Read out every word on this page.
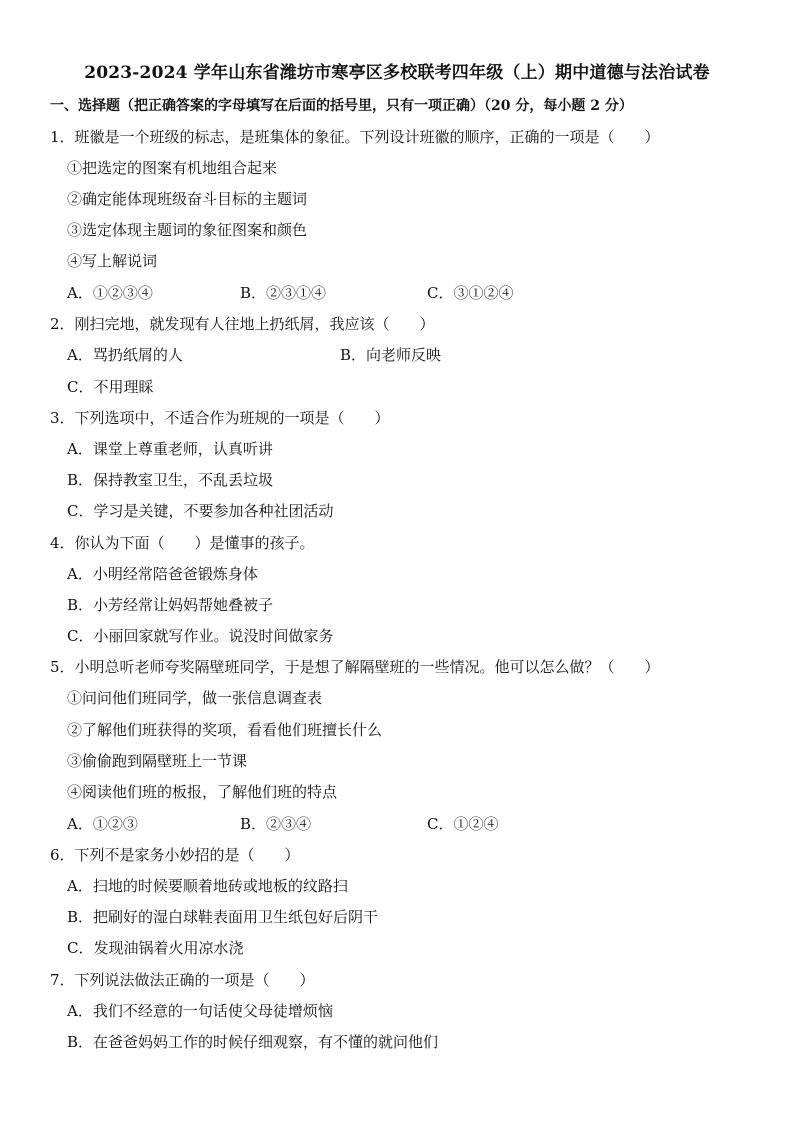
2023-2024 学年山东省潍坊市寒亭区多校联考四年级（上）期中道德与法治试卷
一、选择题（把正确答案的字母填写在后面的括号里，只有一项正确）（20 分，每小题 2 分）
1．班徽是一个班级的标志，是班集体的象征。下列设计班徽的顺序，正确的一项是（　　）
①把选定的图案有机地组合起来
②确定能体现班级奋斗目标的主题词
③选定体现主题词的象征图案和颜色
④写上解说词
A．①②③④	B．②③①④	C．③①②④
2．刚扫完地，就发现有人往地上扔纸屑，我应该（　　）
A．骂扔纸屑的人	B．向老师反映
C．不用理睬
3．下列选项中，不适合作为班规的一项是（　　）
A．课堂上尊重老师，认真听讲
B．保持教室卫生，不乱丢垃圾
C．学习是关键，不要参加各种社团活动
4．你认为下面（　　）是懂事的孩子。
A．小明经常陪爸爸锻炼身体
B．小芳经常让妈妈帮她叠被子
C．小丽回家就写作业。说没时间做家务
5．小明总听老师夸奖隔壁班同学，于是想了解隔壁班的一些情况。他可以怎么做？（　　）
①问问他们班同学，做一张信息调查表
②了解他们班获得的奖项，看看他们班擅长什么
③偷偷跑到隔壁班上一节课
④阅读他们班的板报，了解他们班的特点
A．①②③	B．②③④	C．①②④
6．下列不是家务小妙招的是（　　）
A．扫地的时候要顺着地砖或地板的纹路扫
B．把刷好的湿白球鞋表面用卫生纸包好后阴干
C．发现油锅着火用凉水浇
7．下列说法做法正确的一项是（　　）
A．我们不经意的一句话使父母徒增烦恼
B．在爸爸妈妈工作的时候仔细观察，有不懂的就问他们
